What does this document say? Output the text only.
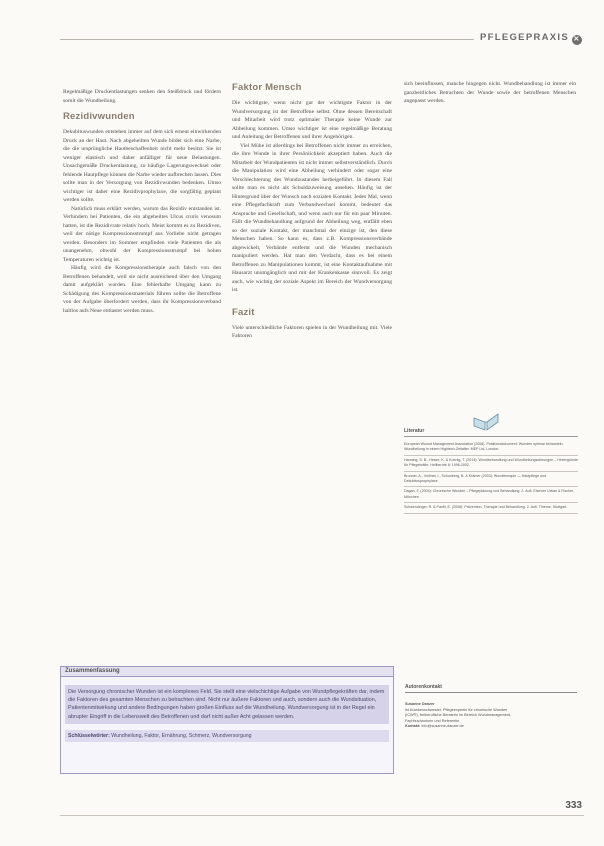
PFLEGEPRAXIS ✕

Regelmäßige Druckentlastungen senken den Steißdruck und fördern somit die Wundheilung.

Rezidivwunden

Dekubituswunden entstehen immer auf dem sich erneut einwirkenden Druck an der Haut. Nach abgeheilten Wunde bildet sich eine Narbe, die die ursprüngliche Hautbeschaffenheit nicht mehr besitzt. Sie ist weniger elastisch und daher anfälliger für neue Belastungen. Unsachgemäße Druckentlastung, zu häufige Lagerungswechsel oder fehlende Hautpflege können die Narbe wieder aufbrechen lassen. Dies sollte man in der Versorgung von Rezidivwunden bedenken. Umso wichtiger ist daher eine Rezidivprophylaxe, die sorgfältig geplant werden sollte.

Natürlich muss erklärt werden, warum das Rezidiv entstanden ist. Verhindern bei Patienten, die ein abgeheiltes Ulcus cruris venosum hatten, ist die Rezidivrate relativ hoch. Meist kommt es zu Rezidiven, weil der nötige Kompressionsstrumpf aus Vorliebe nicht getragen werden. Besonders im Sommer empfinden viele Patienten die als unangenehm, obwohl der Kompressionsstrumpf bei hohen Temperaturen wichtig ist.

Häufig wird die Kompressionstherapie auch falsch von den Betroffenen behandelt, weil sie nicht ausreichend über den Umgang damit aufgeklärt wurden. Eine fehlerhafte Umgang kann zu Schädigung des Kompressionsmaterials führen sollte die Betroffene von der Aufgabe überfordert werden, dass ihr Kompressionsverband haltlos aufs Neue entlastet werden muss.

Faktor Mensch

Die wichtigste, wenn nicht gar der wichtigste Faktor in der Wundversorgung ist der Betroffene selbst. Ohne dessen Bereitschaft und Mitarbeit wird trotz optimaler Therapie keine Wunde zur Abheilung kommen. Umso wichtiger ist eine regelmäßige Beratung und Anleitung der Betroffenen und ihrer Angehörigen.

Viel Mühe ist allerdings bei Betroffenen nicht immer zu erreichen, die ihre Wunde in ihrer Persönlichkeit akzeptiert haben. Auch die Mitarbeit der Wundpatienten ist nicht immer selbstverständlich. Durch die Manipulation wird eine Abheilung verhindert oder sogar eine Verschlechterung des Wundzustandes herbeigeführt. In diesem Fall sollte man es nicht als Schuldzuweisung ansehen. Häufig ist der Hintergrund über der Wunsch nach sozialen Kontakt. Jedes Mal, wenn eine Pflegefachkraft zum Verbandwechsel kommt, bedeutet das Ansprache und Gesellschaft, und wenn auch nur für ein paar Minuten. Fällt die Wundbehandlung aufgrund der Abheilung weg, entfällt eben so der soziale Kontakt, der manchmal der einzige ist, den diese Menschen haben. So kann es, dass z.B. Kompressionsverbände abgewickelt, Verbände entfernt und die Wunden mechanisch manipuliert werden. Hat man den Verdacht, dass es bei einem Betroffenen zu Manipulationen kommt, ist eine Kontaktaufnahme mit Hausarzt unumgänglich und mit der Krankenkasse sinnvoll. Es zeigt auch, wie wichtig der soziale Aspekt im Bereich der Wundversorgung ist.

Fazit

Viele unterschiedliche Faktoren spielen in der Wundheilung mit. Viele Faktoren

sich beeinflussen, manche hingegen nicht. Wundbehandlung ist immer ein ganzheitliches Betrachten der Wunde sowie der betroffenen Menschen angepasst werden.

Literatur
European Wound Management Association (2008). Positionsdokument: Wunden optimal behandeln. Wundheilung in einem Hightech-Zeitalter. MEP Ltd, London.
Hanning, S. B., Hesse, K. & Koenig, T. (2014): Wundbehandlung und Wundheilungsstörungen – Hintergründe für Pflegekräfte. Heilberufe 8: 1996-2002.
Brunner, A., Vollmer, I., Schonberg, B. & Krämer (2003): Wundtherapie — Hautpflege und Dekubitusprophylaxe.
Dagan, F. (2004): Chronische Wunden – Pflegeplanung und Behandlung. 2. Aufl. Elsevier Urban & Fischer, München
Schwendinger, R. & Panfil, E. (2008): Prävention, Therapie und Behandlung. 2. Aufl. Thieme, Stuttgart.
Zusammenfassung
Die Versorgung chronischer Wunden ist ein komplexes Feld. Sie stellt eine vielschichtige Aufgabe von Wundpflegekräften dar, indem die Faktoren des gesamten Menschen zu betrachten sind. Nicht nur äußere Faktoren und auch, sondern auch die Wundsituation, Patientenmitwirkung und andere Bedingungen haben großen Einfluss auf die Wundheilung. Wundversorgung ist in der Regel ein abrupter Eingriff in die Lebenswelt des Betroffenen und darf nicht außer Acht gelassen werden.
Schlüsselwörter: Wundheilung, Faktor, Ernährung, Schmerz, Wundversorgung
Autorenkontakt
Susanne Danzer
ist Krankenschwester, Pflegeexpertin für chronische Wunden
(ICW®), freiberufliche Beraterin im Bereich Wundmanagement,
Fachbuchautorin und Referentin.
Kontakt: info@susanne-danzer.de
333
